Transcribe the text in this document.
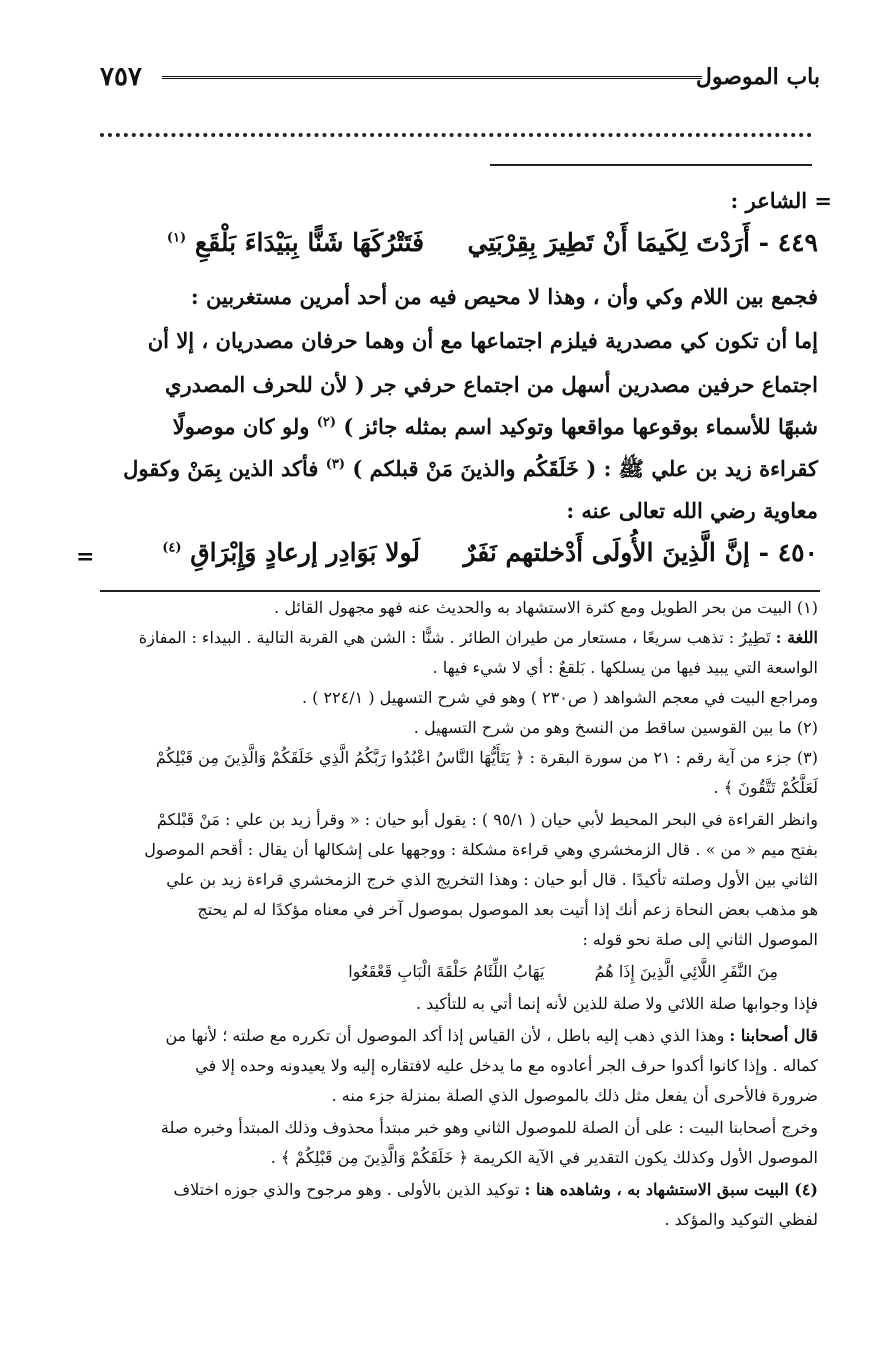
باب الموصول
٧٥٧
= الشاعر :
٤٤٩ - أَرَدْتَ لِكَيمَا أَنْ تَطِيرَ بِقِرْبَتِي  فَتَتْرُكَهَا شَنًّا بِبَيْدَاءَ بَلْقَعِ $^{(١)}$
فجمع بين اللام وكي وأن ، وهذا لا محيص فيه من أحد أمرين مستغربين :
إما أن تكون كي مصدرية فيلزم اجتماعها مع أن وهما حرفان مصدريان ، إلا أن
اجتماع حرفين مصدرين أسهل من اجتماع حرفي جر ( لأن للحرف المصدري
شبهًا للأسماء بوقوعها مواقعها وتوكيد اسم بمثله جائز ) $^{(٢)}$ ولو كان موصولًا
كقراءة زيد بن علي ﷺ : ( خَلَقَكُم والذينَ مَنْ قبلكم ) $^{(٣)}$ فأكد الذين بِمَنْ وكقول
معاوية رضي الله تعالى عنه :
٤٥٠ - إنَّ الَّذِينَ الأُولَى أَدْخلتهم نَفَرٌ  لَولا بَوَادِر إرعادٍ وَإِبْرَاقِ $^{(٤)}$
=
(١) البيت من بحر الطويل ومع كثرة الاستشهاد به والحديث عنه فهو مجهول القائل .
اللغة : تَطِيرُ : تذهب سريعًا ، مستعار من طيران الطائر . شنًّا : الشن هي القربة التالية . البيداء : المفازة
الواسعة التي يبيد فيها من يسلكها . بَلقعٌ : أي لا شيء فيها .
ومراجع البيت في معجم الشواهد ( ص٢٣٠ ) وهو في شرح التسهيل ( ٢٢٤/١ ) .
(٢) ما بين القوسين ساقط من النسخ وهو من شرح التسهيل .
(٣) جزء من آية رقم : ٢١ من سورة البقرة : ﴿ يَتَأَيُّهَا النَّاسُ اعْبُدُوا رَبَّكُمُ الَّذِي خَلَقَكُمْ وَالَّذِينَ مِن قَبْلِكُمْ
لَعَلَّكُمْ تَتَّقُونَ ﴾ .
وانظر القراءة في البحر المحيط لأبي حيان ( ٩٥/١ ) : يقول أبو حيان : « وقرأ زيد بن علي : مَنْ قَبْلكمْ
بفتح ميم « من » . قال الزمخشري وهي قراءة مشكلة : ووجهها على إشكالها أن يقال : أقحم الموصول
الثاني بين الأول وصلته تأكيدًا . قال أبو حيان : وهذا التخريج الذي خرج الزمخشري قراءة زيد بن علي
هو مذهب بعض النحاة زعم أنك إذا أتيت بعد الموصول بموصول آخر في معناه مؤكدًا له لم يحتج
الموصول الثاني إلى صلة نحو قوله :
مِنَ النَّفَرِ اللَّائِي الَّذِينَ إِذَا هُمُ  يَهَابُ اللِّئَامُ حَلْقَةَ الْبَابِ قَعْقَعُوا
فإذا وجوابها صلة اللائي ولا صلة للذين لأنه إنما أتي به للتأكيد .
قال أصحابنا : وهذا الذي ذهب إليه باطل ، لأن القياس إذا أكد الموصول أن تكرره مع صلته ؛ لأنها من
كماله . وإذا كانوا أكدوا حرف الجر أعادوه مع ما يدخل عليه لافتقاره إليه ولا يعيدونه وحده إلا في
ضرورة فالأحرى أن يفعل مثل ذلك بالموصول الذي الصلة بمنزلة جزء منه .
وخرج أصحابنا البيت : على أن الصلة للموصول الثاني وهو خبر مبتدأ محذوف وذلك المبتدأ وخبره صلة
الموصول الأول وكذلك يكون التقدير في الآية الكريمة ﴿ خَلَقَكُمْ وَالَّذِينَ مِن قَبْلِكُمْ ﴾ .
(٤) البيت سبق الاستشهاد به ، وشاهده هنا : توكيد الذين بالأولى . وهو مرجوح والذي جوزه اختلاف
لفظي التوكيد والمؤكد .
